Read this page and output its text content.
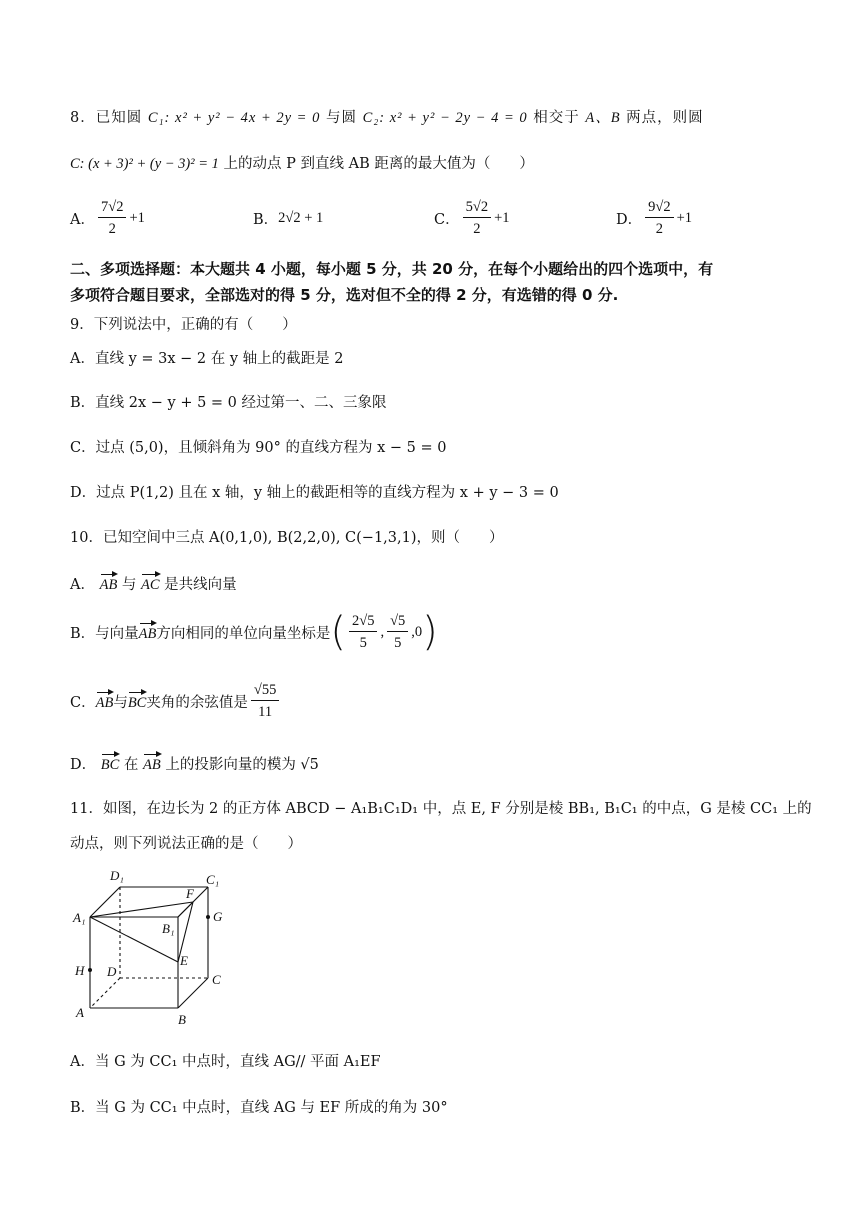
8．已知圆 C₁: x² + y² − 4x + 2y = 0 与圆 C₂: x² + y² − 2y − 4 = 0 相交于 A、B 两点，则圆
C: (x + 3)² + (y − 3)² = 1 上的动点 P 到直线 AB 距离的最大值为（　　）
A． $\frac{7√2}{2} +1$	B． 2√2 + 1	C． $\frac{5√2}{2} +1$	D． $\frac{9√2}{2} +1$
二、多项选择题：本大题共 4 小题，每小题 5 分，共 20 分，在每个小题给出的四个选项中，有
多项符合题目要求，全部选对的得 5 分，选对但不全的得 2 分，有选错的得 0 分.
9．下列说法中，正确的有（　　）
A．直线 y = 3x − 2 在 y 轴上的截距是 2
B．直线 2x − y + 5 = 0 经过第一、二、三象限
C．过点 (5,0)，且倾斜角为 90° 的直线方程为 x − 5 = 0
D．过点 P(1,2) 且在 x 轴，y 轴上的截距相等的直线方程为 x + y − 3 = 0
10．已知空间中三点 A(0,1,0), B(2,2,0), C(−1,3,1)，则（　　）
A． AB 与 AC 是共线向量
B．与向量 AB 方向相同的单位向量坐标是 ( $\frac{2√5}{5}$ , $\frac{√5}{5}$ , 0 )
C． AB 与 BC 夹角的余弦值是 $\frac{√55}{11}$
D． BC 在 AB 上的投影向量的模为 √5
11．如图，在边长为 2 的正方体 ABCD − A₁B₁C₁D₁ 中，点 E, F 分别是棱 BB₁, B₁C₁ 的中点，G 是棱 CC₁ 上的
动点，则下列说法正确的是（　　）
D₁	C₁
A₁
B₁
F
G
E
H D
C
A	B
A．当 G 为 CC₁ 中点时，直线 AG// 平面 A₁EF
B．当 G 为 CC₁ 中点时，直线 AG 与 EF 所成的角为 30°
